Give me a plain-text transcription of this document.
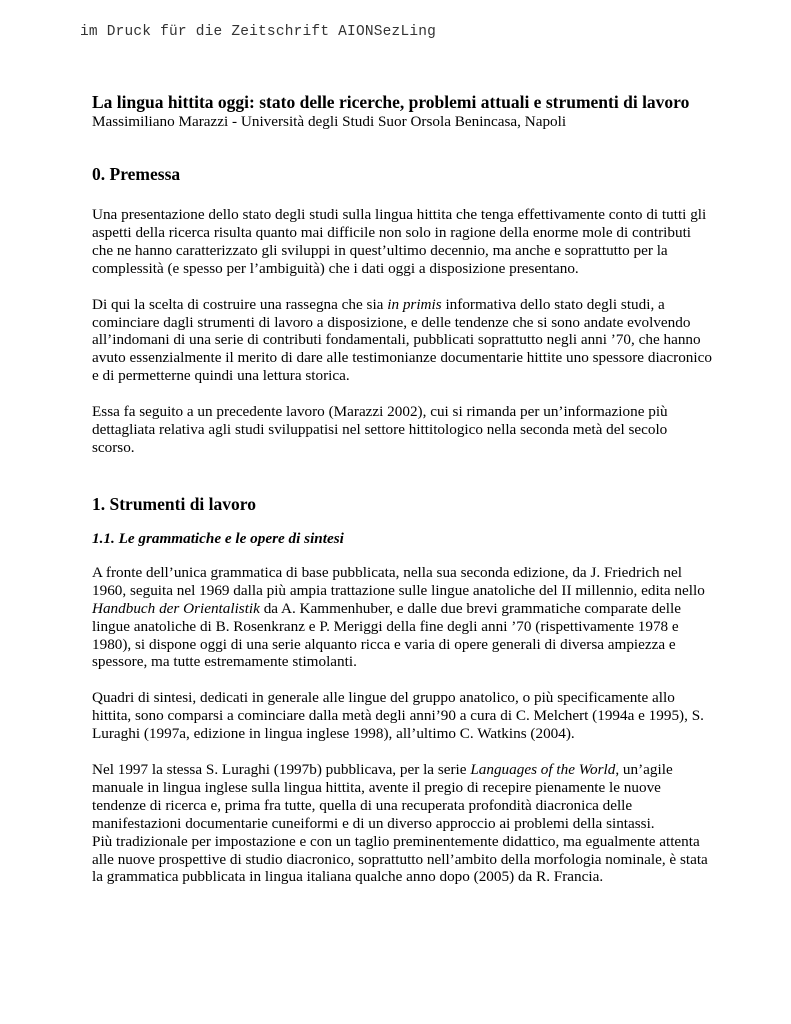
im Druck für die Zeitschrift AIONSezLing

La lingua hittita oggi: stato delle ricerche, problemi attuali e strumenti di lavoro

Massimiliano Marazzi - Università degli Studi Suor Orsola Benincasa, Napoli

0. Premessa

Una presentazione dello stato degli studi sulla lingua hittita che tenga effettivamente conto di tutti gli aspetti della ricerca risulta quanto mai difficile non solo in ragione della enorme mole di contributi che ne hanno caratterizzato gli sviluppi in quest’ultimo decennio, ma anche e soprattutto per la complessità (e spesso per l’ambiguità) che i dati oggi a disposizione presentano.

Di qui la scelta di costruire una rassegna che sia in primis informativa dello stato degli studi, a cominciare dagli strumenti di lavoro a disposizione, e delle tendenze che si sono andate evolvendo all’indomani di una serie di contributi fondamentali, pubblicati soprattutto negli anni ’70, che hanno avuto essenzialmente il merito di dare alle testimonianze documentarie hittite uno spessore diacronico e di permetterne quindi una lettura storica.

Essa fa seguito a un precedente lavoro (Marazzi 2002), cui si rimanda per un’informazione più dettagliata relativa agli studi sviluppatisi nel settore hittitologico nella seconda metà del secolo scorso.

1. Strumenti di lavoro
1.1. Le grammatiche e le opere di sintesi

A fronte dell’unica grammatica di base pubblicata, nella sua seconda edizione, da J. Friedrich nel 1960, seguita nel 1969 dalla più ampia trattazione sulle lingue anatoliche del II millennio, edita nello Handbuch der Orientalistik da A. Kammenhuber, e dalle due brevi grammatiche comparate delle lingue anatoliche di B. Rosenkranz e P. Meriggi della fine degli anni ’70 (rispettivamente 1978 e 1980), si dispone oggi di una serie alquanto ricca e varia di opere generali di diversa ampiezza e spessore, ma tutte estremamente stimolanti.

Quadri di sintesi, dedicati in generale alle lingue del gruppo anatolico, o più specificamente allo hittita, sono comparsi a cominciare dalla metà degli anni’90 a cura di C. Melchert (1994a e 1995), S. Luraghi (1997a, edizione in lingua inglese 1998), all’ultimo C. Watkins (2004).

Nel 1997 la stessa S. Luraghi (1997b) pubblicava, per la serie Languages of the World, un’agile manuale in lingua inglese sulla lingua hittita, avente il pregio di recepire pienamente le nuove tendenze di ricerca e, prima fra tutte, quella di una recuperata profondità diacronica delle manifestazioni documentarie cuneiformi e di un diverso approccio ai problemi della sintassi.

Più tradizionale per impostazione e con un taglio preminentemente didattico, ma egualmente attenta alle nuove prospettive di studio diacronico, soprattutto nell’ambito della morfologia nominale, è stata la grammatica pubblicata in lingua italiana qualche anno dopo (2005) da R. Francia.
